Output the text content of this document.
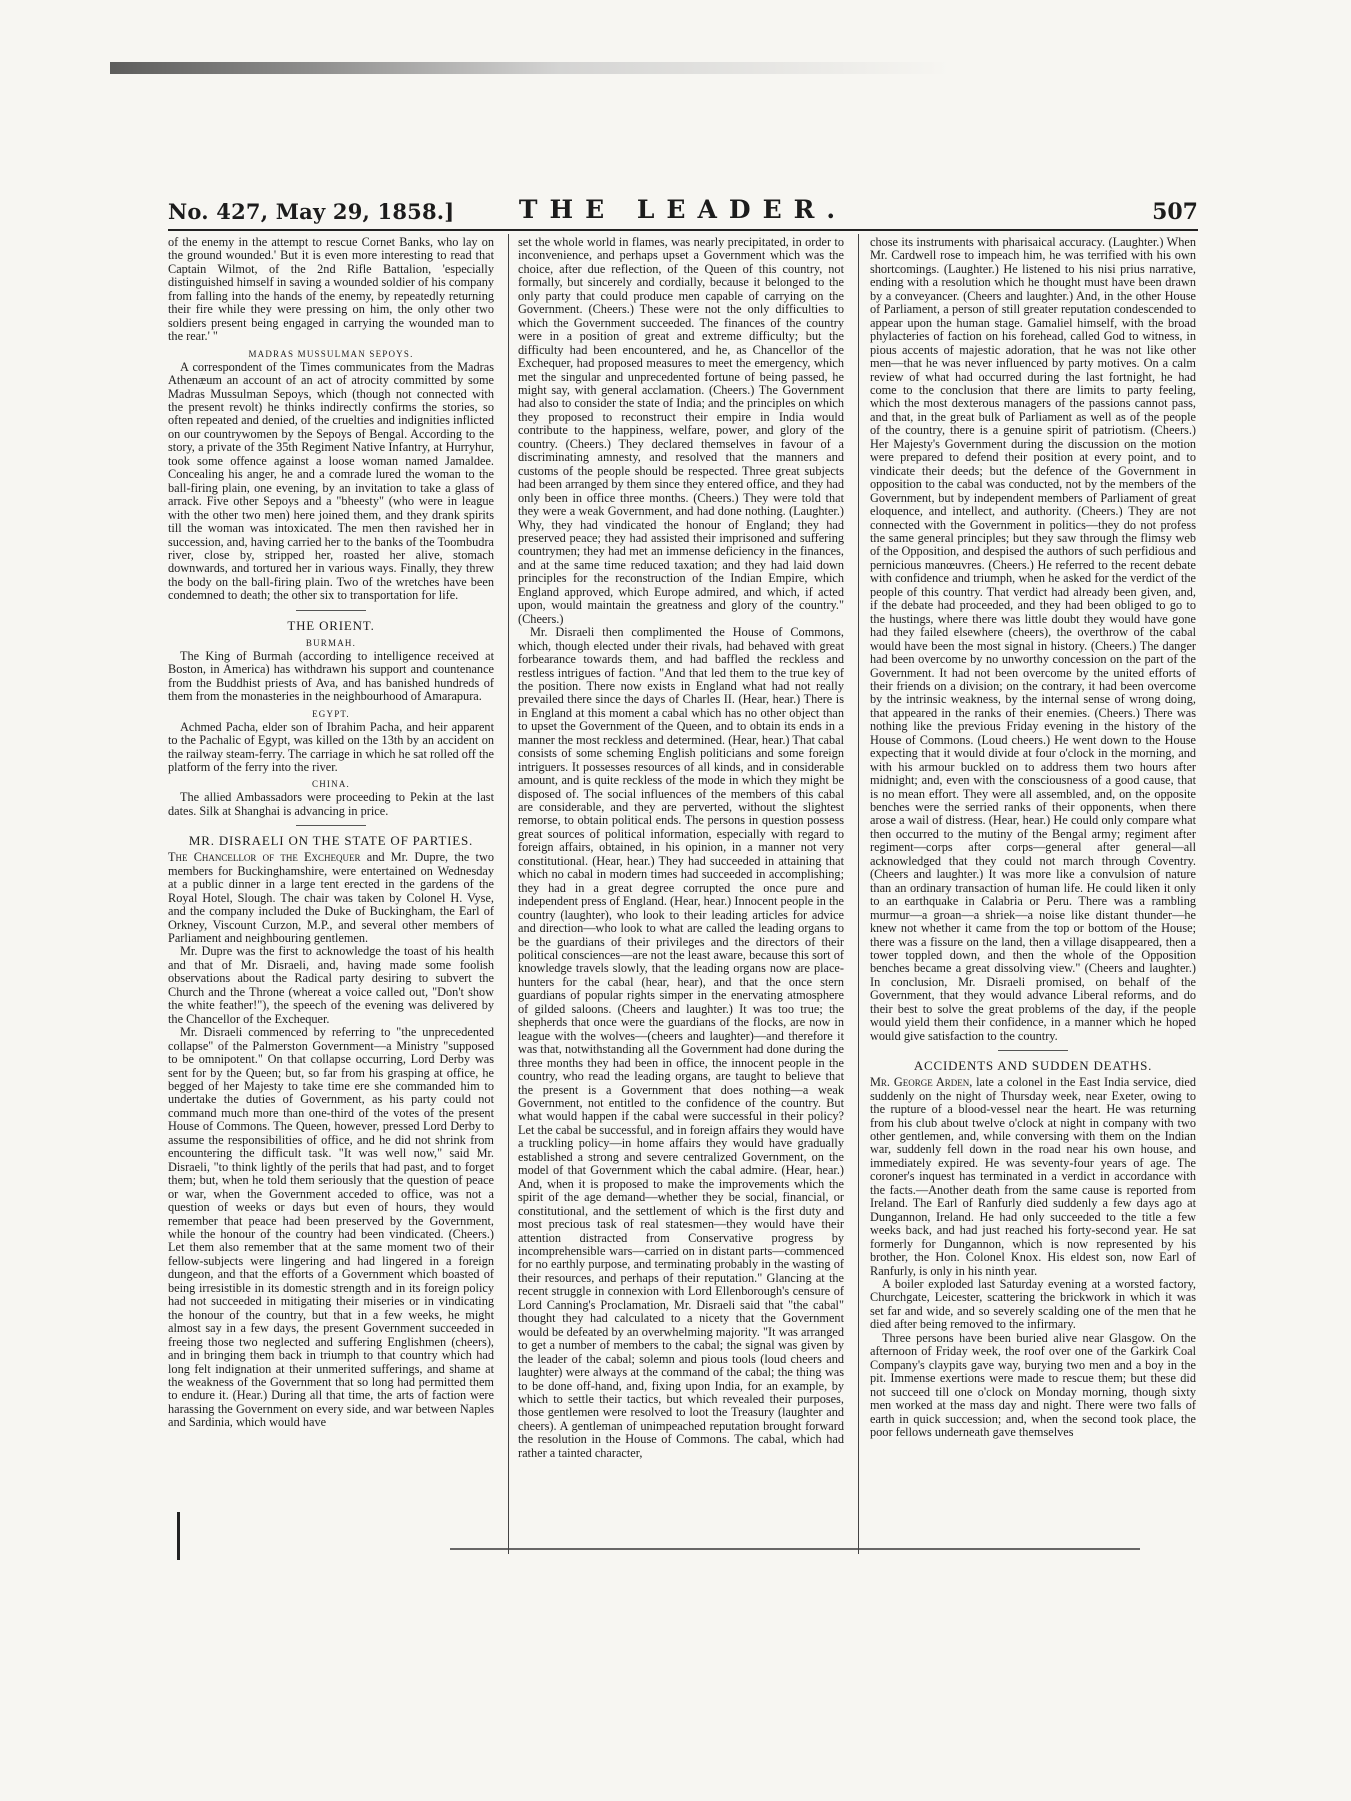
No. 427, May 29, 1858.]	THE LEADER.	507

of the enemy in the attempt to rescue Cornet Banks, who lay on the ground wounded.' But it is even more interesting to read that Captain Wilmot, of the 2nd Rifle Battalion, 'especially distinguished himself in saving a wounded soldier of his company from falling into the hands of the enemy, by repeatedly returning their fire while they were pressing on him, the only other two soldiers present being engaged in carrying the wounded man to the rear.' "

MADRAS MUSSULMAN SEPOYS.

A correspondent of the Times communicates from the Madras Athenæum an account of an act of atrocity committed by some Madras Mussulman Sepoys, which (though not connected with the present revolt) he thinks indirectly confirms the stories, so often repeated and denied, of the cruelties and indignities inflicted on our countrywomen by the Sepoys of Bengal. According to the story, a private of the 35th Regiment Native Infantry, at Hurryhur, took some offence against a loose woman named Jamaldee. Concealing his anger, he and a comrade lured the woman to the ball-firing plain, one evening, by an invitation to take a glass of arrack. Five other Sepoys and a "bheesty" (who were in league with the other two men) here joined them, and they drank spirits till the woman was intoxicated. The men then ravished her in succession, and, having carried her to the banks of the Toombudra river, close by, stripped her, roasted her alive, stomach downwards, and tortured her in various ways. Finally, they threw the body on the ball-firing plain. Two of the wretches have been condemned to death; the other six to transportation for life.

THE ORIENT.
BURMAH.

The King of Burmah (according to intelligence received at Boston, in America) has withdrawn his support and countenance from the Buddhist priests of Ava, and has banished hundreds of them from the monasteries in the neighbourhood of Amarapura.

EGYPT.

Achmed Pacha, elder son of Ibrahim Pacha, and heir apparent to the Pachalic of Egypt, was killed on the 13th by an accident on the railway steam-ferry. The carriage in which he sat rolled off the platform of the ferry into the river.

CHINA.

The allied Ambassadors were proceeding to Pekin at the last dates. Silk at Shanghai is advancing in price.

MR. DISRAELI ON THE STATE OF PARTIES.

The Chancellor of the Exchequer and Mr. Dupre, the two members for Buckinghamshire, were entertained on Wednesday at a public dinner in a large tent erected in the gardens of the Royal Hotel, Slough. The chair was taken by Colonel H. Vyse, and the company included the Duke of Buckingham, the Earl of Orkney, Viscount Curzon, M.P., and several other members of Parliament and neighbouring gentlemen.

Mr. Dupre was the first to acknowledge the toast of his health and that of Mr. Disraeli, and, having made some foolish observations about the Radical party desiring to subvert the Church and the Throne (whereat a voice called out, "Don't show the white feather!"), the speech of the evening was delivered by the Chancellor of the Exchequer.

Mr. Disraeli commenced by referring to "the unprecedented collapse" of the Palmerston Government—a Ministry "supposed to be omnipotent." On that collapse occurring, Lord Derby was sent for by the Queen; but, so far from his grasping at office, he begged of her Majesty to take time ere she commanded him to undertake the duties of Government, as his party could not command much more than one-third of the votes of the present House of Commons. The Queen, however, pressed Lord Derby to assume the responsibilities of office, and he did not shrink from encountering the difficult task. "It was well now," said Mr. Disraeli, "to think lightly of the perils that had past, and to forget them; but, when he told them seriously that the question of peace or war, when the Government acceded to office, was not a question of weeks or days but even of hours, they would remember that peace had been preserved by the Government, while the honour of the country had been vindicated. (Cheers.) Let them also remember that at the same moment two of their fellow-subjects were lingering and had lingered in a foreign dungeon, and that the efforts of a Government which boasted of being irresistible in its domestic strength and in its foreign policy had not succeeded in mitigating their miseries or in vindicating the honour of the country, but that in a few weeks, he might almost say in a few days, the present Government succeeded in freeing those two neglected and suffering Englishmen (cheers), and in bringing them back in triumph to that country which had long felt indignation at their unmerited sufferings, and shame at the weakness of the Government that so long had permitted them to endure it. (Hear.) During all that time, the arts of faction were harassing the Government on every side, and war between Naples and Sardinia, which would have

set the whole world in flames, was nearly precipitated, in order to inconvenience, and perhaps upset a Government which was the choice, after due reflection, of the Queen of this country, not formally, but sincerely and cordially, because it belonged to the only party that could produce men capable of carrying on the Government. (Cheers.) These were not the only difficulties to which the Government succeeded. The finances of the country were in a position of great and extreme difficulty; but the difficulty had been encountered, and he, as Chancellor of the Exchequer, had proposed measures to meet the emergency, which met the singular and unprecedented fortune of being passed, he might say, with general acclamation. (Cheers.) The Government had also to consider the state of India; and the principles on which they proposed to reconstruct their empire in India would contribute to the happiness, welfare, power, and glory of the country. (Cheers.) They declared themselves in favour of a discriminating amnesty, and resolved that the manners and customs of the people should be respected. Three great subjects had been arranged by them since they entered office, and they had only been in office three months. (Cheers.) They were told that they were a weak Government, and had done nothing. (Laughter.) Why, they had vindicated the honour of England; they had preserved peace; they had assisted their imprisoned and suffering countrymen; they had met an immense deficiency in the finances, and at the same time reduced taxation; and they had laid down principles for the reconstruction of the Indian Empire, which England approved, which Europe admired, and which, if acted upon, would maintain the greatness and glory of the country." (Cheers.)

Mr. Disraeli then complimented the House of Commons, which, though elected under their rivals, had behaved with great forbearance towards them, and had baffled the reckless and restless intrigues of faction. "And that led them to the true key of the position. There now exists in England what had not really prevailed there since the days of Charles II. (Hear, hear.) There is in England at this moment a cabal which has no other object than to upset the Government of the Queen, and to obtain its ends in a manner the most reckless and determined. (Hear, hear.) That cabal consists of some scheming English politicians and some foreign intriguers. It possesses resources of all kinds, and in considerable amount, and is quite reckless of the mode in which they might be disposed of. The social influences of the members of this cabal are considerable, and they are perverted, without the slightest remorse, to obtain political ends. The persons in question possess great sources of political information, especially with regard to foreign affairs, obtained, in his opinion, in a manner not very constitutional. (Hear, hear.) They had succeeded in attaining that which no cabal in modern times had succeeded in accomplishing; they had in a great degree corrupted the once pure and independent press of England. (Hear, hear.) Innocent people in the country (laughter), who look to their leading articles for advice and direction—who look to what are called the leading organs to be the guardians of their privileges and the directors of their political consciences—are not the least aware, because this sort of knowledge travels slowly, that the leading organs now are place-hunters for the cabal (hear, hear), and that the once stern guardians of popular rights simper in the enervating atmosphere of gilded saloons. (Cheers and laughter.) It was too true; the shepherds that once were the guardians of the flocks, are now in league with the wolves—(cheers and laughter)—and therefore it was that, notwithstanding all the Government had done during the three months they had been in office, the innocent people in the country, who read the leading organs, are taught to believe that the present is a Government that does nothing—a weak Government, not entitled to the confidence of the country. But what would happen if the cabal were successful in their policy? Let the cabal be successful, and in foreign affairs they would have a truckling policy—in home affairs they would have gradually established a strong and severe centralized Government, on the model of that Government which the cabal admire. (Hear, hear.) And, when it is proposed to make the improvements which the spirit of the age demand—whether they be social, financial, or constitutional, and the settlement of which is the first duty and most precious task of real statesmen—they would have their attention distracted from Conservative progress by incomprehensible wars—carried on in distant parts—commenced for no earthly purpose, and terminating probably in the wasting of their resources, and perhaps of their reputation." Glancing at the recent struggle in connexion with Lord Ellenborough's censure of Lord Canning's Proclamation, Mr. Disraeli said that "the cabal" thought they had calculated to a nicety that the Government would be defeated by an overwhelming majority. "It was arranged to get a number of members to the cabal; the signal was given by the leader of the cabal; solemn and pious tools (loud cheers and laughter) were always at the command of the cabal; the thing was to be done off-hand, and, fixing upon India, for an example, by which to settle their tactics, but which revealed their purposes, those gentlemen were resolved to loot the Treasury (laughter and cheers). A gentleman of unimpeached reputation brought forward the resolution in the House of Commons. The cabal, which had rather a tainted character,

chose its instruments with pharisaical accuracy. (Laughter.) When Mr. Cardwell rose to impeach him, he was terrified with his own shortcomings. (Laughter.) He listened to his nisi prius narrative, ending with a resolution which he thought must have been drawn by a conveyancer. (Cheers and laughter.) And, in the other House of Parliament, a person of still greater reputation condescended to appear upon the human stage. Gamaliel himself, with the broad phylacteries of faction on his forehead, called God to witness, in pious accents of majestic adoration, that he was not like other men—that he was never influenced by party motives. On a calm review of what had occurred during the last fortnight, he had come to the conclusion that there are limits to party feeling, which the most dexterous managers of the passions cannot pass, and that, in the great bulk of Parliament as well as of the people of the country, there is a genuine spirit of patriotism. (Cheers.) Her Majesty's Government during the discussion on the motion were prepared to defend their position at every point, and to vindicate their deeds; but the defence of the Government in opposition to the cabal was conducted, not by the members of the Government, but by independent members of Parliament of great eloquence, and intellect, and authority. (Cheers.) They are not connected with the Government in politics—they do not profess the same general principles; but they saw through the flimsy web of the Opposition, and despised the authors of such perfidious and pernicious manœuvres. (Cheers.) He referred to the recent debate with confidence and triumph, when he asked for the verdict of the people of this country. That verdict had already been given, and, if the debate had proceeded, and they had been obliged to go to the hustings, where there was little doubt they would have gone had they failed elsewhere (cheers), the overthrow of the cabal would have been the most signal in history. (Cheers.) The danger had been overcome by no unworthy concession on the part of the Government. It had not been overcome by the united efforts of their friends on a division; on the contrary, it had been overcome by the intrinsic weakness, by the internal sense of wrong doing, that appeared in the ranks of their enemies. (Cheers.) There was nothing like the previous Friday evening in the history of the House of Commons. (Loud cheers.) He went down to the House expecting that it would divide at four o'clock in the morning, and with his armour buckled on to address them two hours after midnight; and, even with the consciousness of a good cause, that is no mean effort. They were all assembled, and, on the opposite benches were the serried ranks of their opponents, when there arose a wail of distress. (Hear, hear.) He could only compare what then occurred to the mutiny of the Bengal army; regiment after regiment—corps after corps—general after general—all acknowledged that they could not march through Coventry. (Cheers and laughter.) It was more like a convulsion of nature than an ordinary transaction of human life. He could liken it only to an earthquake in Calabria or Peru. There was a rambling murmur—a groan—a shriek—a noise like distant thunder—he knew not whether it came from the top or bottom of the House; there was a fissure on the land, then a village disappeared, then a tower toppled down, and then the whole of the Opposition benches became a great dissolving view." (Cheers and laughter.) In conclusion, Mr. Disraeli promised, on behalf of the Government, that they would advance Liberal reforms, and do their best to solve the great problems of the day, if the people would yield them their confidence, in a manner which he hoped would give satisfaction to the country.

ACCIDENTS AND SUDDEN DEATHS.

Mr. George Arden, late a colonel in the East India service, died suddenly on the night of Thursday week, near Exeter, owing to the rupture of a blood-vessel near the heart. He was returning from his club about twelve o'clock at night in company with two other gentlemen, and, while conversing with them on the Indian war, suddenly fell down in the road near his own house, and immediately expired. He was seventy-four years of age. The coroner's inquest has terminated in a verdict in accordance with the facts.—Another death from the same cause is reported from Ireland. The Earl of Ranfurly died suddenly a few days ago at Dungannon, Ireland. He had only succeeded to the title a few weeks back, and had just reached his forty-second year. He sat formerly for Dungannon, which is now represented by his brother, the Hon. Colonel Knox. His eldest son, now Earl of Ranfurly, is only in his ninth year.

A boiler exploded last Saturday evening at a worsted factory, Churchgate, Leicester, scattering the brickwork in which it was set far and wide, and so severely scalding one of the men that he died after being removed to the infirmary.

Three persons have been buried alive near Glasgow. On the afternoon of Friday week, the roof over one of the Garkirk Coal Company's claypits gave way, burying two men and a boy in the pit. Immense exertions were made to rescue them; but these did not succeed till one o'clock on Monday morning, though sixty men worked at the mass day and night. There were two falls of earth in quick succession; and, when the second took place, the poor fellows underneath gave themselves
